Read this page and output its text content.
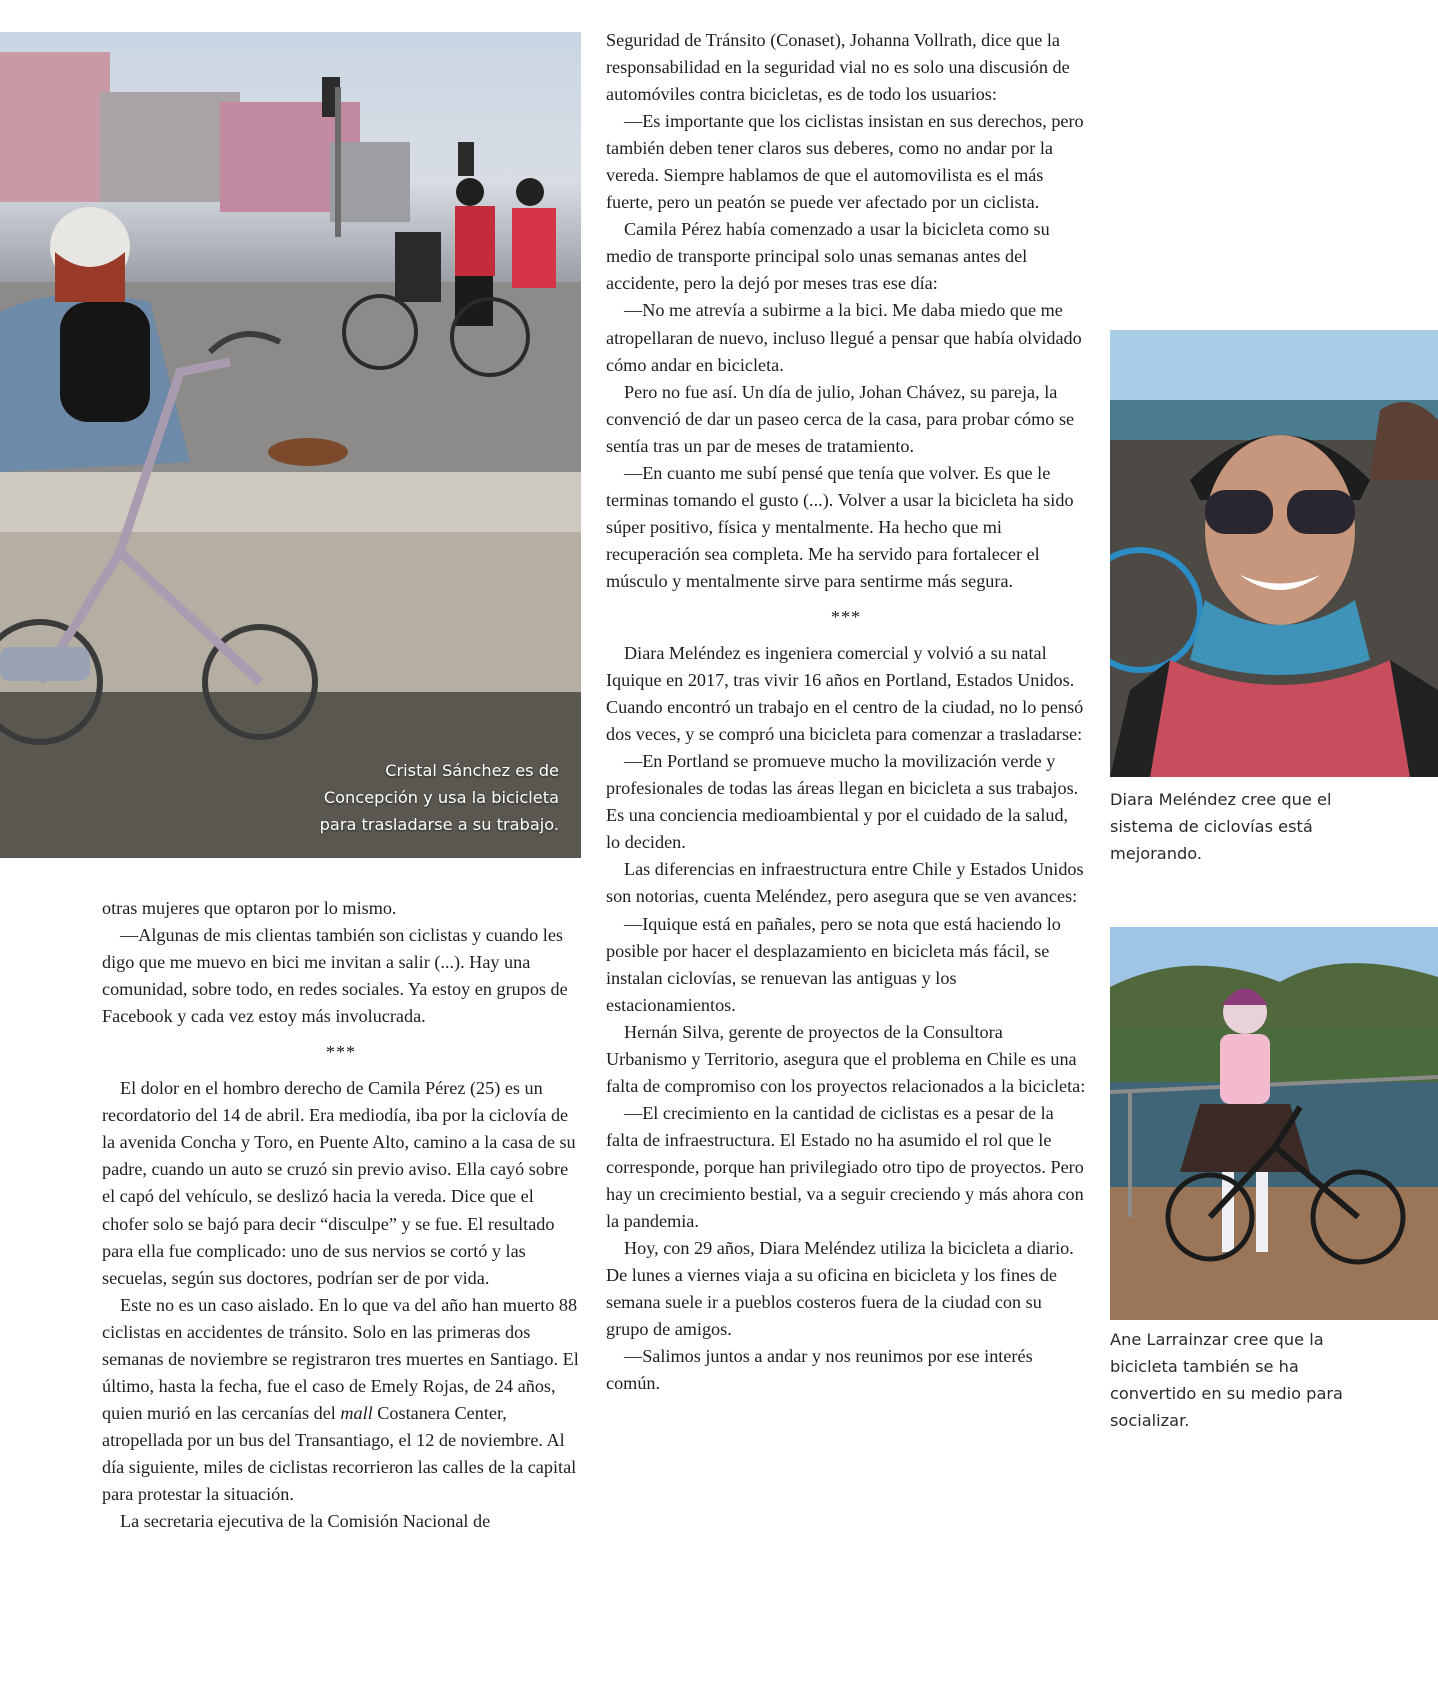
Cristal Sánchez es de Concepción y usa la bicicleta para trasladarse a su trabajo.
Diara Meléndez cree que el sistema de ciclovías está mejorando.
Ane Larrainzar cree que la bicicleta también se ha convertido en su medio para socializar.

otras mujeres que optaron por lo mismo.

—Algunas de mis clientas también son ciclistas y cuando les digo que me muevo en bici me invitan a salir (...). Hay una comunidad, sobre todo, en redes sociales. Ya estoy en grupos de Facebook y cada vez estoy más involucrada.

***

El dolor en el hombro derecho de Camila Pérez (25) es un recordatorio del 14 de abril. Era mediodía, iba por la ciclovía de la avenida Concha y Toro, en Puente Alto, camino a la casa de su padre, cuando un auto se cruzó sin previo aviso. Ella cayó sobre el capó del vehículo, se deslizó hacia la vereda. Dice que el chofer solo se bajó para decir “disculpe” y se fue. El resultado para ella fue complicado: uno de sus nervios se cortó y las secuelas, según sus doctores, podrían ser de por vida.

Este no es un caso aislado. En lo que va del año han muerto 88 ciclistas en accidentes de tránsito. Solo en las primeras dos semanas de noviembre se registraron tres muertes en Santiago. El último, hasta la fecha, fue el caso de Emely Rojas, de 24 años, quien murió en las cercanías del mall Costanera Center, atropellada por un bus del Transantiago, el 12 de noviembre. Al día siguiente, miles de ciclistas recorrieron las calles de la capital para protestar la situación.

La secretaria ejecutiva de la Comisión Nacional de

Seguridad de Tránsito (Conaset), Johanna Vollrath, dice que la responsabilidad en la seguridad vial no es solo una discusión de automóviles contra bicicletas, es de todo los usuarios:

—Es importante que los ciclistas insistan en sus derechos, pero también deben tener claros sus deberes, como no andar por la vereda. Siempre hablamos de que el automovilista es el más fuerte, pero un peatón se puede ver afectado por un ciclista.

Camila Pérez había comenzado a usar la bicicleta como su medio de transporte principal solo unas semanas antes del accidente, pero la dejó por meses tras ese día:

—No me atrevía a subirme a la bici. Me daba miedo que me atropellaran de nuevo, incluso llegué a pensar que había olvidado cómo andar en bicicleta.

Pero no fue así. Un día de julio, Johan Chávez, su pareja, la convenció de dar un paseo cerca de la casa, para probar cómo se sentía tras un par de meses de tratamiento.

—En cuanto me subí pensé que tenía que volver. Es que le terminas tomando el gusto (...). Volver a usar la bicicleta ha sido súper positivo, física y mentalmente. Ha hecho que mi recuperación sea completa. Me ha servido para fortalecer el músculo y mentalmente sirve para sentirme más segura.

***

Diara Meléndez es ingeniera comercial y volvió a su natal Iquique en 2017, tras vivir 16 años en Portland, Estados Unidos. Cuando encontró un trabajo en el centro de la ciudad, no lo pensó dos veces, y se compró una bicicleta para comenzar a trasladarse:

—En Portland se promueve mucho la movilización verde y profesionales de todas las áreas llegan en bicicleta a sus trabajos. Es una conciencia medioambiental y por el cuidado de la salud, lo deciden.

Las diferencias en infraestructura entre Chile y Estados Unidos son notorias, cuenta Meléndez, pero asegura que se ven avances:

—Iquique está en pañales, pero se nota que está haciendo lo posible por hacer el desplazamiento en bicicleta más fácil, se instalan ciclovías, se renuevan las antiguas y los estacionamientos.

Hernán Silva, gerente de proyectos de la Consultora Urbanismo y Territorio, asegura que el problema en Chile es una falta de compromiso con los proyectos relacionados a la bicicleta:

—El crecimiento en la cantidad de ciclistas es a pesar de la falta de infraestructura. El Estado no ha asumido el rol que le corresponde, porque han privilegiado otro tipo de proyectos. Pero hay un crecimiento bestial, va a seguir creciendo y más ahora con la pandemia.

Hoy, con 29 años, Diara Meléndez utiliza la bicicleta a diario. De lunes a viernes viaja a su oficina en bicicleta y los fines de semana suele ir a pueblos costeros fuera de la ciudad con su grupo de amigos.

—Salimos juntos a andar y nos reunimos por ese interés común.
